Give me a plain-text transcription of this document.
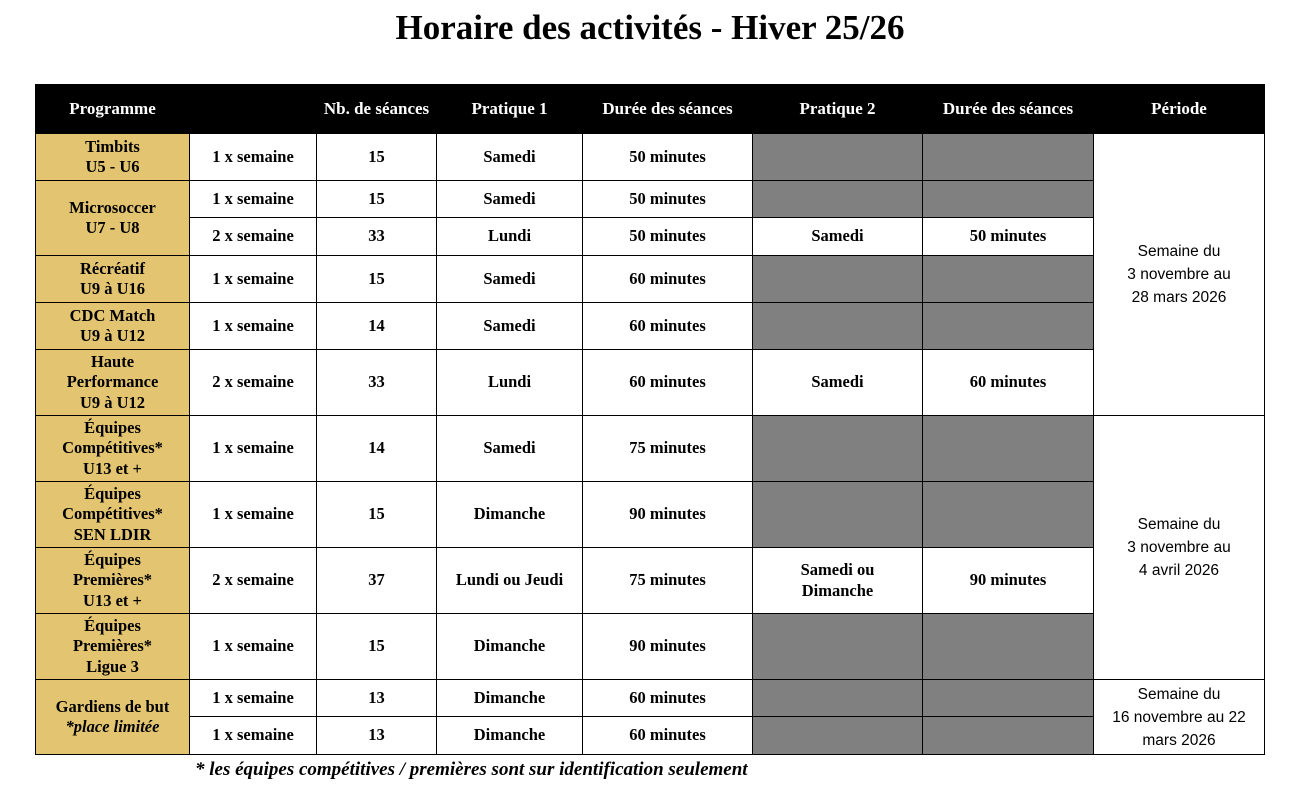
Horaire des activités - Hiver 25/26
Programme		Nb. de séances	Pratique 1	Durée des séances	Pratique 2	Durée des séances	Période
Timbits
U5 - U6	1 x semaine	15	Samedi	50 minutes			Semaine du
3 novembre au
28 mars 2026
Microsoccer
U7 - U8	1 x semaine	15	Samedi	50 minutes			
	2 x semaine	33	Lundi	50 minutes	Samedi	50 minutes	
Récréatif
U9 à U16	1 x semaine	15	Samedi	60 minutes			
CDC Match
U9 à U12	1 x semaine	14	Samedi	60 minutes			
Haute
Performance
U9 à U12	2 x semaine	33	Lundi	60 minutes	Samedi	60 minutes	
Équipes
Compétitives*
U13 et +	1 x semaine	14	Samedi	75 minutes			Semaine du
3 novembre au
4 avril 2026
Équipes
Compétitives*
SEN LDIR	1 x semaine	15	Dimanche	90 minutes			
Équipes
Premières*
U13 et +	2 x semaine	37	Lundi ou Jeudi	75 minutes	Samedi ou
Dimanche	90 minutes	
Équipes
Premières*
Ligue 3	1 x semaine	15	Dimanche	90 minutes			
Gardiens de but
*place limitée	1 x semaine	13	Dimanche	60 minutes			Semaine du
16 novembre au 22
mars 2026
	1 x semaine	13	Dimanche	60 minutes			
* les équipes compétitives / premières sont sur identification seulement
